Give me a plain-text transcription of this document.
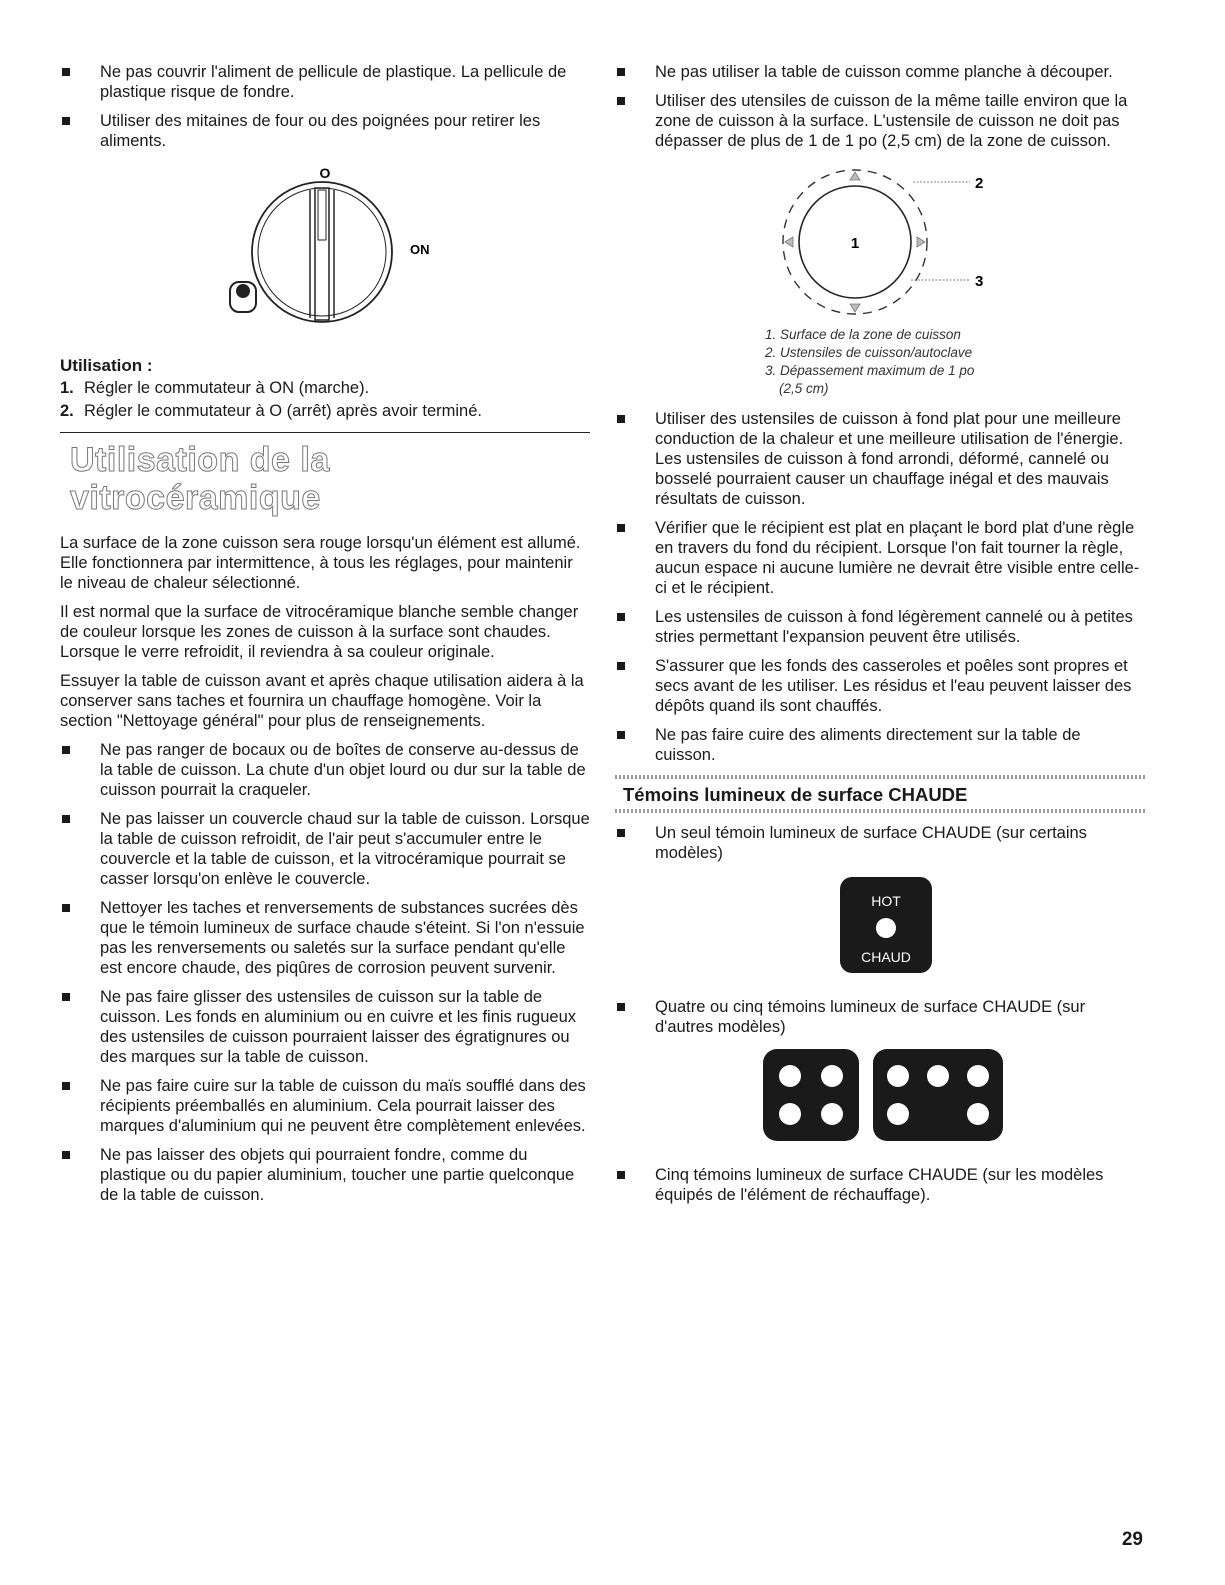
Ne pas couvrir l'aliment de pellicule de plastique. La pellicule de plastique risque de fondre.
Utiliser des mitaines de four ou des poignées pour retirer les aliments.
O
ON
Utilisation :
1. Régler le commutateur à ON (marche).
2. Régler le commutateur à O (arrêt) après avoir terminé.
Utilisation de la vitrocéramique

La surface de la zone cuisson sera rouge lorsqu'un élément est allumé. Elle fonctionnera par intermittence, à tous les réglages, pour maintenir le niveau de chaleur sélectionné.

Il est normal que la surface de vitrocéramique blanche semble changer de couleur lorsque les zones de cuisson à la surface sont chaudes. Lorsque le verre refroidit, il reviendra à sa couleur originale.

Essuyer la table de cuisson avant et après chaque utilisation aidera à la conserver sans taches et fournira un chauffage homogène. Voir la section "Nettoyage général" pour plus de renseignements.

Ne pas ranger de bocaux ou de boîtes de conserve au-dessus de la table de cuisson. La chute d'un objet lourd ou dur sur la table de cuisson pourrait la craqueler.
Ne pas laisser un couvercle chaud sur la table de cuisson. Lorsque la table de cuisson refroidit, de l'air peut s'accumuler entre le couvercle et la table de cuisson, et la vitrocéramique pourrait se casser lorsqu'on enlève le couvercle.
Nettoyer les taches et renversements de substances sucrées dès que le témoin lumineux de surface chaude s'éteint. Si l'on n'essuie pas les renversements ou saletés sur la surface pendant qu'elle est encore chaude, des piqûres de corrosion peuvent survenir.
Ne pas faire glisser des ustensiles de cuisson sur la table de cuisson. Les fonds en aluminium ou en cuivre et les finis rugueux des ustensiles de cuisson pourraient laisser des égratignures ou des marques sur la table de cuisson.
Ne pas faire cuire sur la table de cuisson du maïs soufflé dans des récipients préemballés en aluminium. Cela pourrait laisser des marques d'aluminium qui ne peuvent être complètement enlevées.
Ne pas laisser des objets qui pourraient fondre, comme du plastique ou du papier aluminium, toucher une partie quelconque de la table de cuisson.
Ne pas utiliser la table de cuisson comme planche à découper.
Utiliser des utensiles de cuisson de la même taille environ que la zone de cuisson à la surface. L'ustensile de cuisson ne doit pas dépasser de plus de 1 de 1 po (2,5 cm) de la zone de cuisson.
1
2
3
1. Surface de la zone de cuisson
2. Ustensiles de cuisson/autoclave
3. Dépassement maximum de 1 po
(2,5 cm)
Utiliser des ustensiles de cuisson à fond plat pour une meilleure conduction de la chaleur et une meilleure utilisation de l'énergie. Les ustensiles de cuisson à fond arrondi, déformé, cannelé ou bosselé pourraient causer un chauffage inégal et des mauvais résultats de cuisson.
Vérifier que le récipient est plat en plaçant le bord plat d'une règle en travers du fond du récipient. Lorsque l'on fait tourner la règle, aucun espace ni aucune lumière ne devrait être visible entre celle-ci et le récipient.
Les ustensiles de cuisson à fond légèrement cannelé ou à petites stries permettant l'expansion peuvent être utilisés.
S'assurer que les fonds des casseroles et poêles sont propres et secs avant de les utiliser. Les résidus et l'eau peuvent laisser des dépôts quand ils sont chauffés.
Ne pas faire cuire des aliments directement sur la table de cuisson.
Témoins lumineux de surface CHAUDE
Un seul témoin lumineux de surface CHAUDE (sur certains modèles)
HOT
CHAUD
Quatre ou cinq témoins lumineux de surface CHAUDE (sur d'autres modèles)
Cinq témoins lumineux de surface CHAUDE (sur les modèles équipés de l'élément de réchauffage).
29
